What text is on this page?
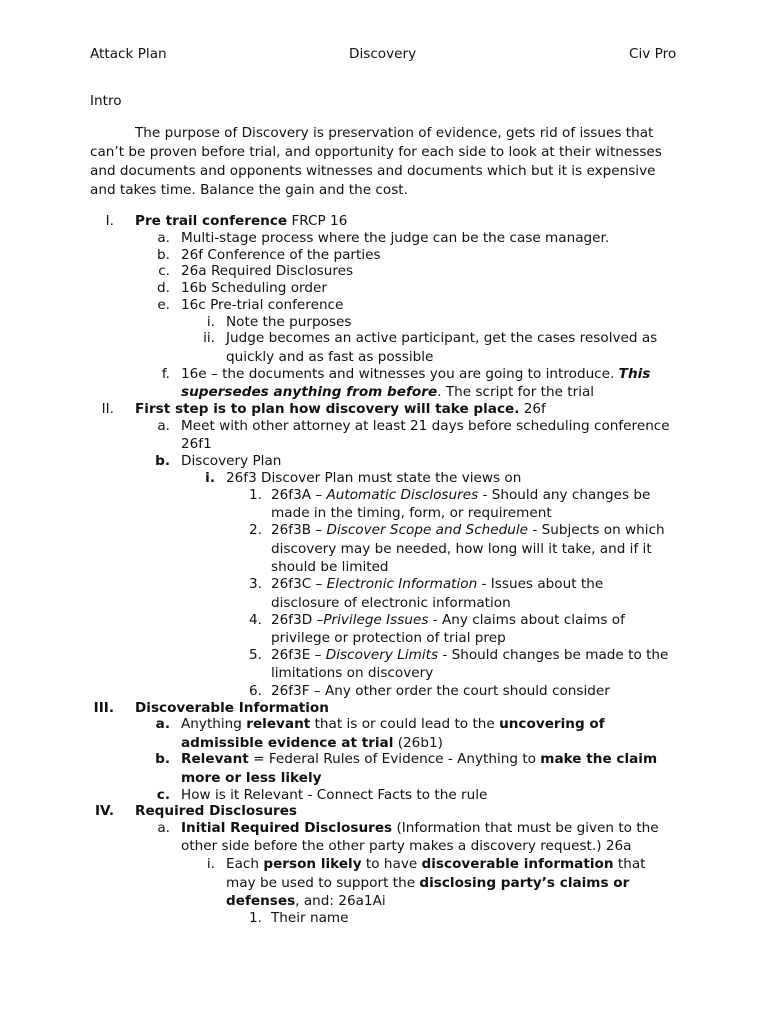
Attack Plan	Discovery	Civ Pro
Intro
The purpose of Discovery is preservation of evidence, gets rid of issues that can’t be proven before trial, and opportunity for each side to look at their witnesses and documents and opponents witnesses and documents which but it is expensive and takes time. Balance the gain and the cost.
I. Pre trail conference FRCP 16
a. Multi-stage process where the judge can be the case manager.
b. 26f Conference of the parties
c. 26a Required Disclosures
d. 16b Scheduling order
e. 16c Pre-trial conference
i. Note the purposes
ii. Judge becomes an active participant, get the cases resolved as
quickly and as fast as possible
f. 16e – the documents and witnesses you are going to introduce. This
supersedes anything from before. The script for the trial
II. First step is to plan how discovery will take place. 26f
a. Meet with other attorney at least 21 days before scheduling conference
26f1
b. Discovery Plan
i. 26f3 Discover Plan must state the views on
1. 26f3A – Automatic Disclosures - Should any changes be
made in the timing, form, or requirement
2. 26f3B – Discover Scope and Schedule - Subjects on which
discovery may be needed, how long will it take, and if it
should be limited
3. 26f3C – Electronic Information - Issues about the
disclosure of electronic information
4. 26f3D –Privilege Issues - Any claims about claims of
privilege or protection of trial prep
5. 26f3E – Discovery Limits - Should changes be made to the
limitations on discovery
6. 26f3F – Any other order the court should consider
III. Discoverable Information
a. Anything relevant that is or could lead to the uncovering of
admissible evidence at trial (26b1)
b. Relevant = Federal Rules of Evidence - Anything to make the claim
more or less likely
c. How is it Relevant - Connect Facts to the rule
IV. Required Disclosures
a. Initial Required Disclosures (Information that must be given to the
other side before the other party makes a discovery request.) 26a
i. Each person likely to have discoverable information that
may be used to support the disclosing party’s claims or
defenses, and: 26a1Ai
1. Their name
